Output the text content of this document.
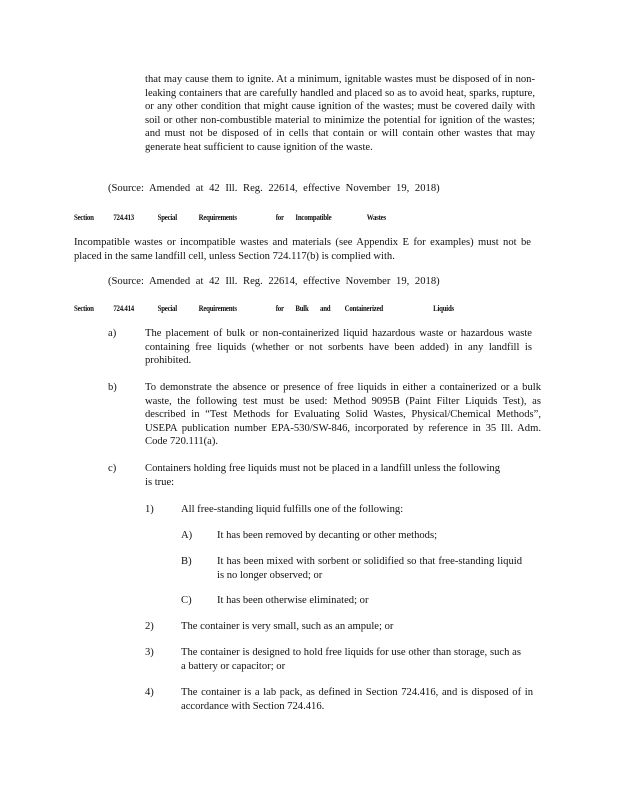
that may cause them to ignite. At a minimum, ignitable wastes must be disposed of in non-leaking containers that are carefully handled and placed so as to avoid heat, sparks, rupture, or any other condition that might cause ignition of the wastes; must be covered daily with soil or other non-combustible material to minimize the potential for ignition of the wastes; and must not be disposed of in cells that contain or will contain other wastes that may generate heat sufficient to cause ignition of the waste.

(Source: Amended at 42 Ill. Reg. 22614, effective November 19, 2018)

Section 724.413	Special	Requirements	for Incompatible	Wastes

Incompatible wastes or incompatible wastes and materials (see Appendix E for examples) must not be placed in the same landfill cell, unless Section 724.117(b) is complied with.

(Source: Amended at 42 Ill. Reg. 22614, effective November 19, 2018)

Section 724.414	Special	Requirements	for Bulk and Containerized	Liquids
a)	The placement of bulk or non-containerized liquid hazardous waste or hazardous waste containing free liquids (whether or not sorbents have been added) in any landfill is prohibited.

b)	To demonstrate the absence or presence of free liquids in either a containerized or a bulk waste, the following test must be used: Method 9095B (Paint Filter Liquids Test), as described in “Test Methods for Evaluating Solid Wastes, Physical/Chemical Methods”, USEPA publication number EPA-530/SW-846, incorporated by reference in 35 Ill. Adm. Code 720.111(a).

c)	Containers holding free liquids must not be placed in a landfill unless the following is true:

1)	All free-standing liquid fulfills one of the following:

A) It has been removed by decanting or other methods;

B) It has been mixed with sorbent or solidified so that free-standing liquid is no longer observed; or

C) It has been otherwise eliminated; or

2)	The container is very small, such as an ampule; or

3)	The container is designed to hold free liquids for use other than storage, such as a battery or capacitor; or

4)	The container is a lab pack, as defined in Section 724.416, and is disposed of in accordance with Section 724.416.
